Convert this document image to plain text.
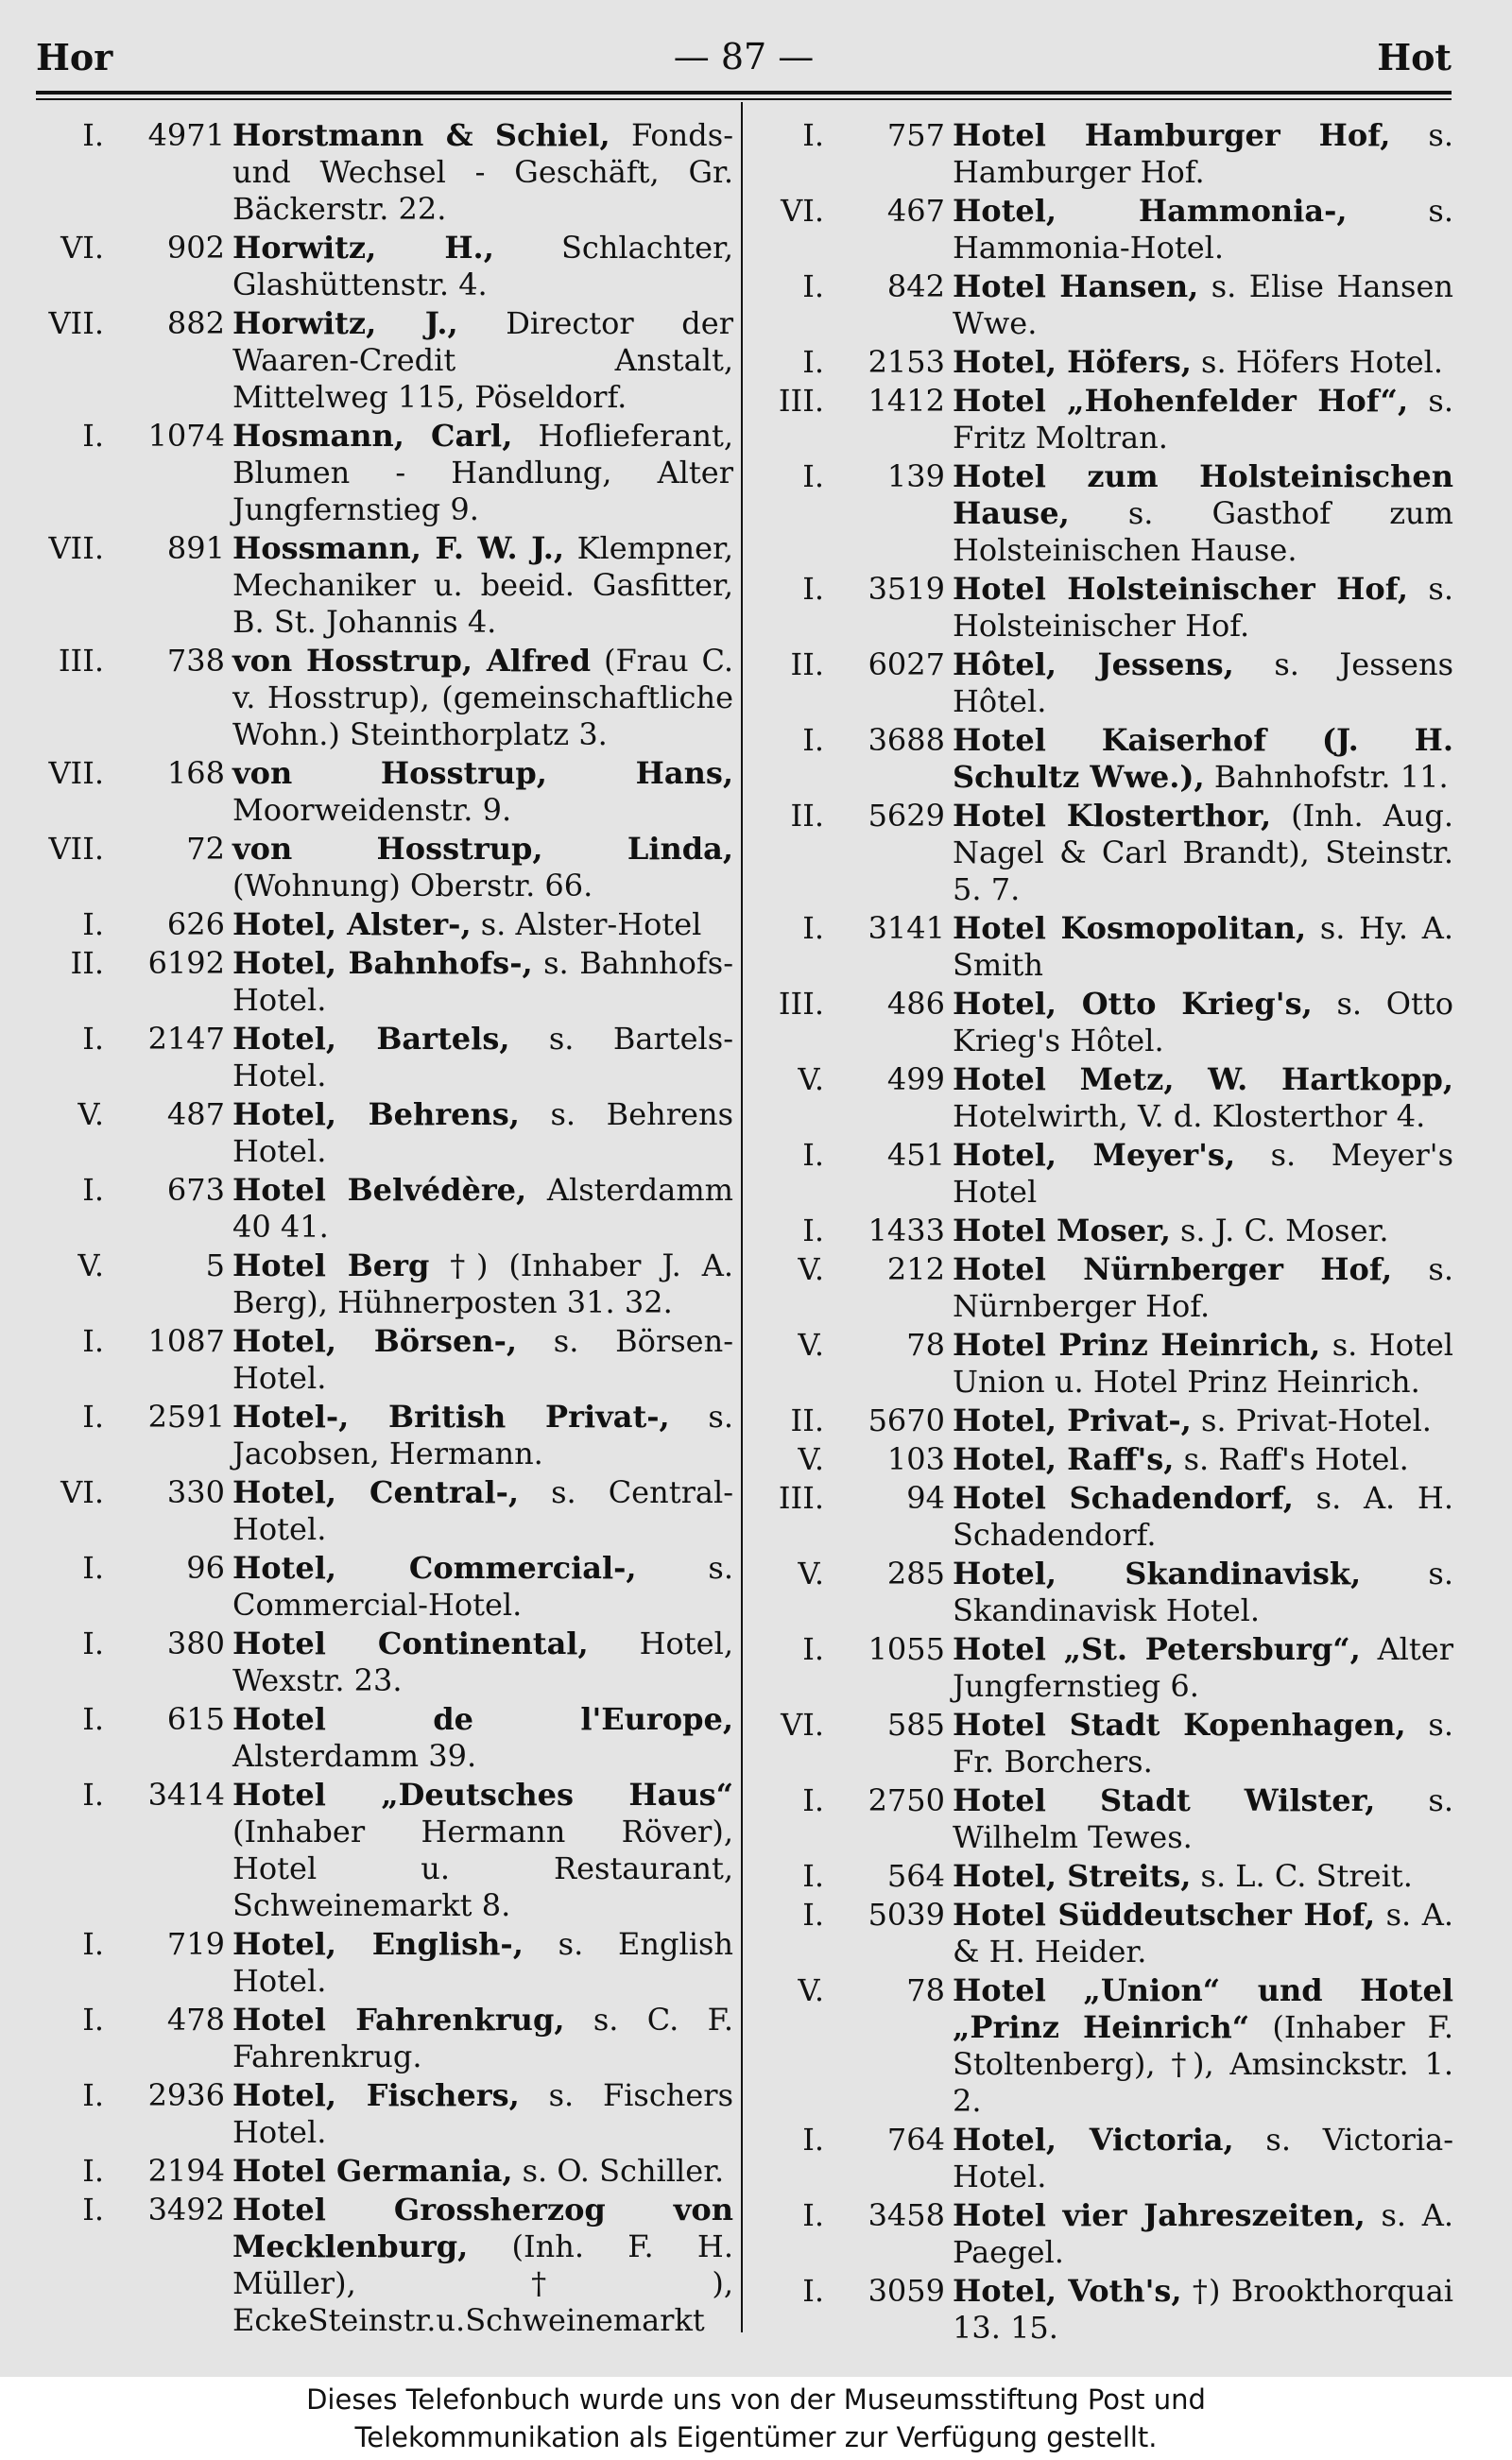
Hor	— 87 —	Hot
I. 4971 Horstmann & Schiel, Fonds- und Wechsel - Geschäft, Gr. Bäckerstr. 22.
VI. 902 Horwitz, H., Schlachter, Glashüttenstr. 4.
VII. 882 Horwitz, J., Director der Waaren-Credit Anstalt, Mittelweg 115, Pöseldorf.
I. 1074 Hosmann, Carl, Hoflieferant, Blumen - Handlung, Alter Jungfernstieg 9.
VII. 891 Hossmann, F. W. J., Klempner, Mechaniker u. beeid. Gasfitter, B. St. Johannis 4.
III. 738 von Hosstrup, Alfred (Frau C. v. Hosstrup), (gemeinschaftliche Wohn.) Steinthorplatz 3.
VII. 168 von Hosstrup, Hans, Moorweidenstr. 9.
VII.	72 von Hosstrup, Linda, (Wohnung) Oberstr. 66.
I. 626 Hotel, Alster-, s. Alster-Hotel
II. 6192 Hotel, Bahnhofs-, s. Bahnhofs-Hotel.
I. 2147 Hotel, Bartels, s. Bartels-Hotel.
V. 487 Hotel, Behrens, s. Behrens Hotel.
I. 673 Hotel Belvédère, Alsterdamm 40 41.
V.	5 Hotel Berg †) (Inhaber J. A. Berg), Hühnerposten 31. 32.
I. 1087 Hotel, Börsen-, s. Börsen-Hotel.
I. 2591 Hotel-, British Privat-, s. Jacobsen, Hermann.
VI. 330 Hotel, Central-, s. Central-Hotel.
I.	96 Hotel, Commercial-, s. Commercial-Hotel.
I. 380 Hotel Continental, Hotel, Wexstr. 23.
I. 615 Hotel de l'Europe, Alsterdamm 39.
I. 3414 Hotel „Deutsches Haus“ (Inhaber Hermann Röver), Hotel u. Restaurant, Schweinemarkt 8.
I. 719 Hotel, English-, s. English Hotel.
I. 478 Hotel Fahrenkrug, s. C. F. Fahrenkrug.
I. 2936 Hotel, Fischers, s. Fischers Hotel.
I. 2194 Hotel Germania, s. O. Schiller.
I. 3492 Hotel Grossherzog von Mecklenburg, (Inh. F. H. Müller), †), EckeSteinstr.u.Schweinemarkt
I. 757 Hotel Hamburger Hof, s. Hamburger Hof.
VI. 467 Hotel, Hammonia-, s. Hammonia-Hotel.
I. 842 Hotel Hansen, s. Elise Hansen Wwe.
I. 2153 Hotel, Höfers, s. Höfers Hotel.
III. 1412 Hotel „Hohenfelder Hof“, s. Fritz Moltran.
I. 139 Hotel zum Holsteinischen Hause, s. Gasthof zum Holsteinischen Hause.
I. 3519 Hotel Holsteinischer Hof, s. Holsteinischer Hof.
II. 6027 Hôtel, Jessens, s. Jessens Hôtel.
I. 3688 Hotel Kaiserhof (J. H. Schultz Wwe.), Bahnhofstr. 11.
II. 5629 Hotel Klosterthor, (Inh. Aug. Nagel & Carl Brandt), Steinstr. 5. 7.
I. 3141 Hotel Kosmopolitan, s. Hy. A. Smith
III. 486 Hotel, Otto Krieg's, s. Otto Krieg's Hôtel.
V. 499 Hotel Metz, W. Hartkopp, Hotelwirth, V. d. Klosterthor 4.
I. 451 Hotel, Meyer's, s. Meyer's Hotel
I. 1433 Hotel Moser, s. J. C. Moser.
V. 212 Hotel Nürnberger Hof, s. Nürnberger Hof.
V.	78 Hotel Prinz Heinrich, s. Hotel Union u. Hotel Prinz Heinrich.
II. 5670 Hotel, Privat-, s. Privat-Hotel.
V. 103 Hotel, Raff's, s. Raff's Hotel.
III.	94 Hotel Schadendorf, s. A. H. Schadendorf.
V. 285 Hotel, Skandinavisk, s. Skandinavisk Hotel.
I. 1055 Hotel „St. Petersburg“, Alter Jungfernstieg 6.
VI. 585 Hotel Stadt Kopenhagen, s. Fr. Borchers.
I. 2750 Hotel Stadt Wilster, s. Wilhelm Tewes.
I. 564 Hotel, Streits, s. L. C. Streit.
I. 5039 Hotel Süddeutscher Hof, s. A. & H. Heider.
V.	78 Hotel „Union“ und Hotel „Prinz Heinrich“ (Inhaber F. Stoltenberg), †), Amsinckstr. 1. 2.
I. 764 Hotel, Victoria, s. Victoria-Hotel.
I. 3458 Hotel vier Jahreszeiten, s. A. Paegel.
I. 3059 Hotel, Voth's, †) Brookthorquai 13. 15.
Dieses Telefonbuch wurde uns von der Museumsstiftung Post und
Telekommunikation als Eigentümer zur Verfügung gestellt.
